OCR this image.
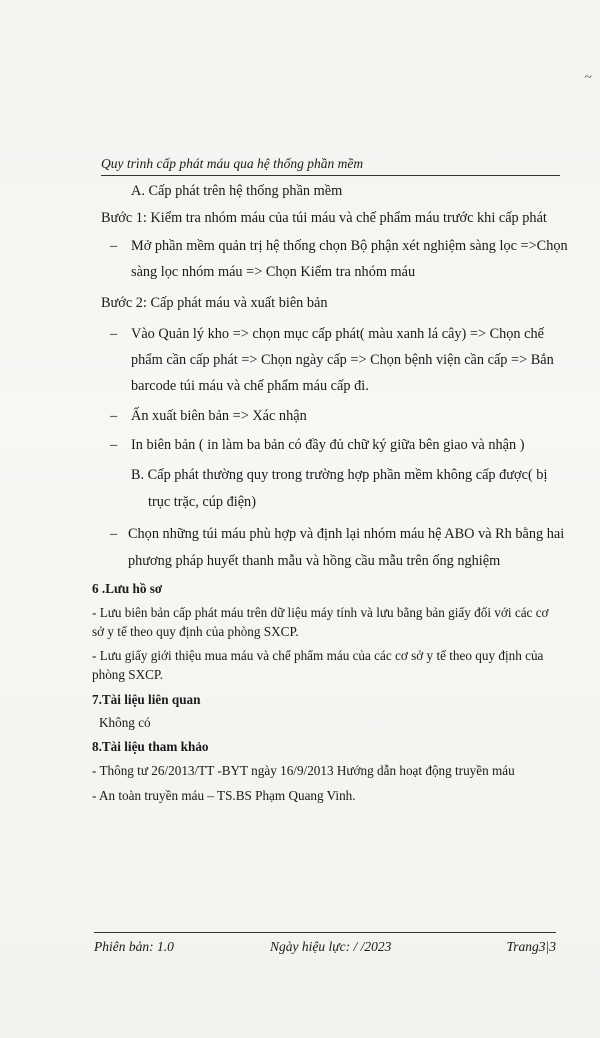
~
Quy trình cấp phát máu qua hệ thống phần mềm
A. Cấp phát trên hệ thống phần mềm
Bước 1: Kiểm tra nhóm máu của túi máu và chế phẩm máu trước khi cấp phát
– Mở phần mềm quản trị hệ thống chọn Bộ phận xét nghiệm sàng lọc =>Chọn
sàng lọc nhóm máu => Chọn Kiểm tra nhóm máu
Bước 2: Cấp phát máu và xuất biên bản
– Vào Quản lý kho => chọn mục cấp phát( màu xanh lá cây) => Chọn chế
phẩm cần cấp phát => Chọn ngày cấp => Chọn bệnh viện cần cấp => Bắn
barcode túi máu và chế phẩm máu cấp đi.
– Ấn xuất biên bản => Xác nhận
– In biên bản ( in làm ba bản có đầy đủ chữ ký giữa bên giao và nhận )
B. Cấp phát thường quy trong trường hợp phần mềm không cấp được( bị
trục trặc, cúp điện)
– Chọn những túi máu phù hợp và định lại nhóm máu hệ ABO và Rh bằng hai
phương pháp huyết thanh mẫu và hồng cầu mẫu trên ống nghiệm
6 .Lưu hồ sơ
- Lưu biên bản cấp phát máu trên dữ liệu máy tính và lưu bằng bản giấy đối với các cơ
sở y tế theo quy định của phòng SXCP.
- Lưu giấy giới thiệu mua máu và chế phẩm máu của các cơ sở y tế theo quy định của
phòng SXCP.
7.Tài liệu liên quan
Không có
8.Tài liệu tham khảo
- Thông tư 26/2013/TT -BYT ngày 16/9/2013 Hướng dẫn hoạt động truyền máu
- An toàn truyền máu – TS.BS Phạm Quang Vinh.
Phiên bản: 1.0	Ngày hiệu lực: / /2023	Trang3|3
